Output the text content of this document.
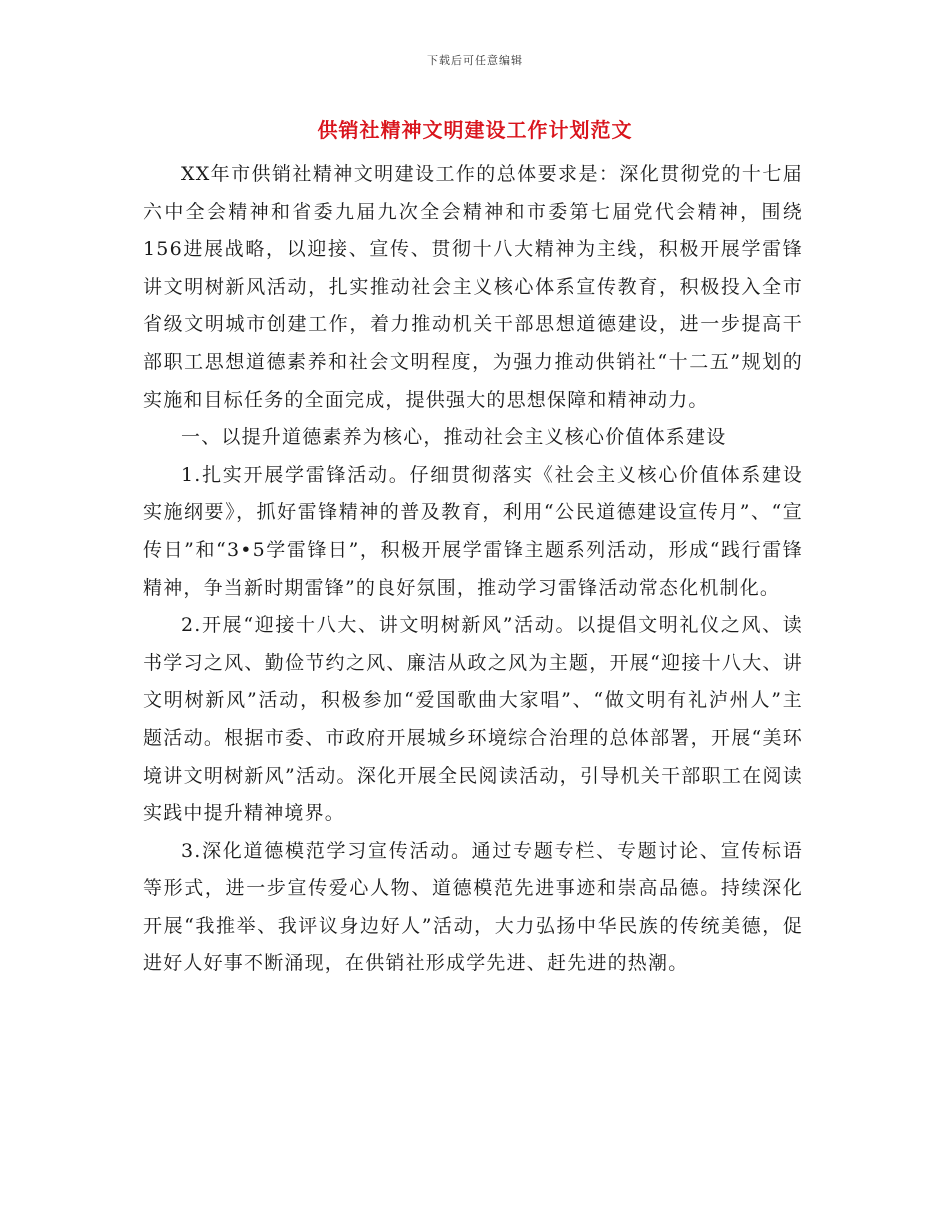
下载后可任意编辑
供销社精神文明建设工作计划范文

XX年市供销社精神文明建设工作的总体要求是：深化贯彻党的十七届六中全会精神和省委九届九次全会精神和市委第七届党代会精神，围绕156进展战略，以迎接、宣传、贯彻十八大精神为主线，积极开展学雷锋讲文明树新风活动，扎实推动社会主义核心体系宣传教育，积极投入全市省级文明城市创建工作，着力推动机关干部思想道德建设，进一步提高干部职工思想道德素养和社会文明程度，为强力推动供销社“十二五”规划的实施和目标任务的全面完成，提供强大的思想保障和精神动力。

一、以提升道德素养为核心，推动社会主义核心价值体系建设

1.扎实开展学雷锋活动。仔细贯彻落实《社会主义核心价值体系建设实施纲要》，抓好雷锋精神的普及教育，利用“公民道德建设宣传月”、“宣传日”和“3•5学雷锋日”，积极开展学雷锋主题系列活动，形成“践行雷锋精神，争当新时期雷锋”的良好氛围，推动学习雷锋活动常态化机制化。

2.开展“迎接十八大、讲文明树新风”活动。以提倡文明礼仪之风、读书学习之风、勤俭节约之风、廉洁从政之风为主题，开展“迎接十八大、讲文明树新风”活动，积极参加“爱国歌曲大家唱”、“做文明有礼泸州人”主题活动。根据市委、市政府开展城乡环境综合治理的总体部署，开展“美环境讲文明树新风”活动。深化开展全民阅读活动，引导机关干部职工在阅读实践中提升精神境界。

3.深化道德模范学习宣传活动。通过专题专栏、专题讨论、宣传标语等形式，进一步宣传爱心人物、道德模范先进事迹和崇高品德。持续深化开展“我推举、我评议身边好人”活动，大力弘扬中华民族的传统美德，促进好人好事不断涌现，在供销社形成学先进、赶先进的热潮。
